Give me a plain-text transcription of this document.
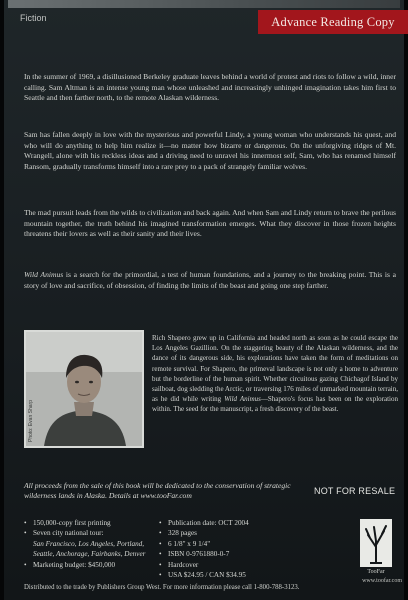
Fiction	Advance Reading Copy

In the summer of 1969, a disillusioned Berkeley graduate leaves behind a world of protest and riots to follow a wild, inner calling. Sam Altman is an intense young man whose unleashed and increasingly unhinged imagination takes him first to Seattle and then farther north, to the remote Alaskan wilderness.

Sam has fallen deeply in love with the mysterious and powerful Lindy, a young woman who understands his quest, and who will do anything to help him realize it—no matter how bizarre or dangerous. On the unforgiving ridges of Mt. Wrangell, alone with his reckless ideas and a driving need to unravel his innermost self, Sam, who has renamed himself Ransom, gradually transforms himself into a rare prey to a pack of strangely familiar wolves.

The mad pursuit leads from the wilds to civilization and back again. And when Sam and Lindy return to brave the perilous mountain together, the truth behind his imagined transformation emerges. What they discover in those frozen heights threatens their lovers as well as their sanity and their lives.

Wild Animus is a search for the primordial, a test of human foundations, and a journey to the breaking point. This is a story of love and sacrifice, of obsession, of finding the limits of the beast and going one step farther.

Photo: Evan Sharp

Rich Shapero grew up in California and headed north as soon as he could escape the Los Angeles Gazillion. On the staggering beauty of the Alaskan wilderness, and the dance of its dangerous side, his explorations have taken the form of meditations on remote survival. For Shapero, the primeval landscape is not only a home to adventure but the borderline of the human spirit. Whether circuitous gazing Chichagof Island by sailboat, dog sledding the Arctic, or traversing 176 miles of unmarked mountain terrain, as he did while writing Wild Animus—Shapero's focus has been on the exploration within. The seed for the manuscript, a fresh discovery of the beast.

All proceeds from the sale of this book will be dedicated to the conservation of strategic wilderness lands in Alaska. Details at www.tooFar.com	NOT FOR RESALE
• 150,000-copy first printing
• Seven city national tour:
San Francisco, Los Angeles, Portland, Seattle, Anchorage, Fairbanks, Denver
• Marketing budget: $450,000
• Publication date: OCT 2004
• 328 pages
• 6 1/8" x 9 1/4"
• ISBN 0-9761880-0-7
• Hardcover
• USA $24.95 / CAN $34.95	TooFar
www.toofar.com
Distributed to the trade by Publishers Group West. For more information please call 1-800-788-3123.
